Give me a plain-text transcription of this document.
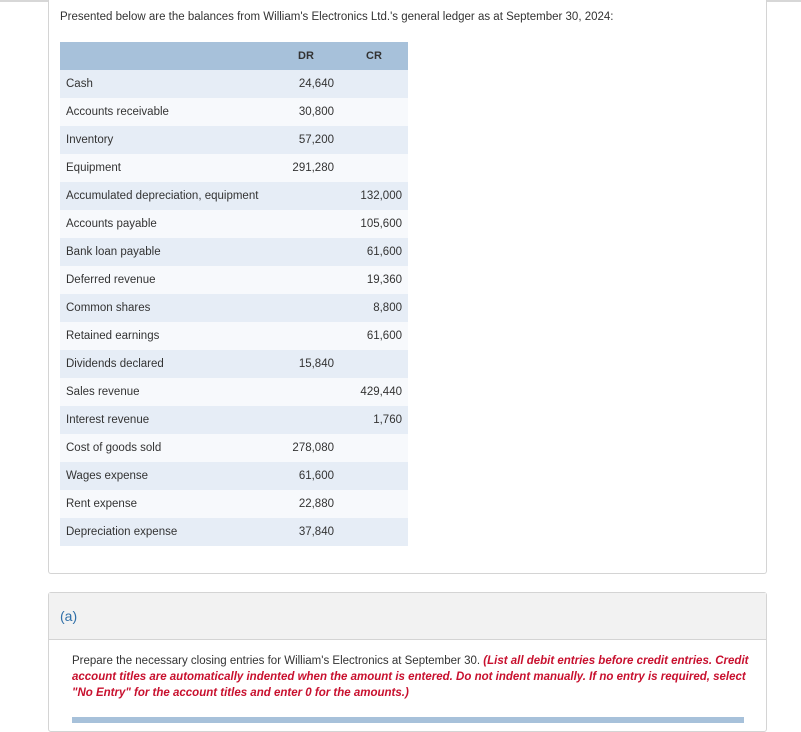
Presented below are the balances from William's Electronics Ltd.'s general ledger as at September 30, 2024:
	DR	CR
Cash	24,640	
Accounts receivable	30,800	
Inventory	57,200	
Equipment	291,280	
Accumulated depreciation, equipment		132,000
Accounts payable		105,600
Bank loan payable		61,600
Deferred revenue		19,360
Common shares		8,800
Retained earnings		61,600
Dividends declared	15,840	
Sales revenue		429,440
Interest revenue		1,760
Cost of goods sold	278,080	
Wages expense	61,600	
Rent expense	22,880	
Depreciation expense	37,840	
(a)
Prepare the necessary closing entries for William's Electronics at September 30. (List all debit entries before credit entries. Credit account titles are automatically indented when the amount is entered. Do not indent manually. If no entry is required, select "No Entry" for the account titles and enter 0 for the amounts.)
